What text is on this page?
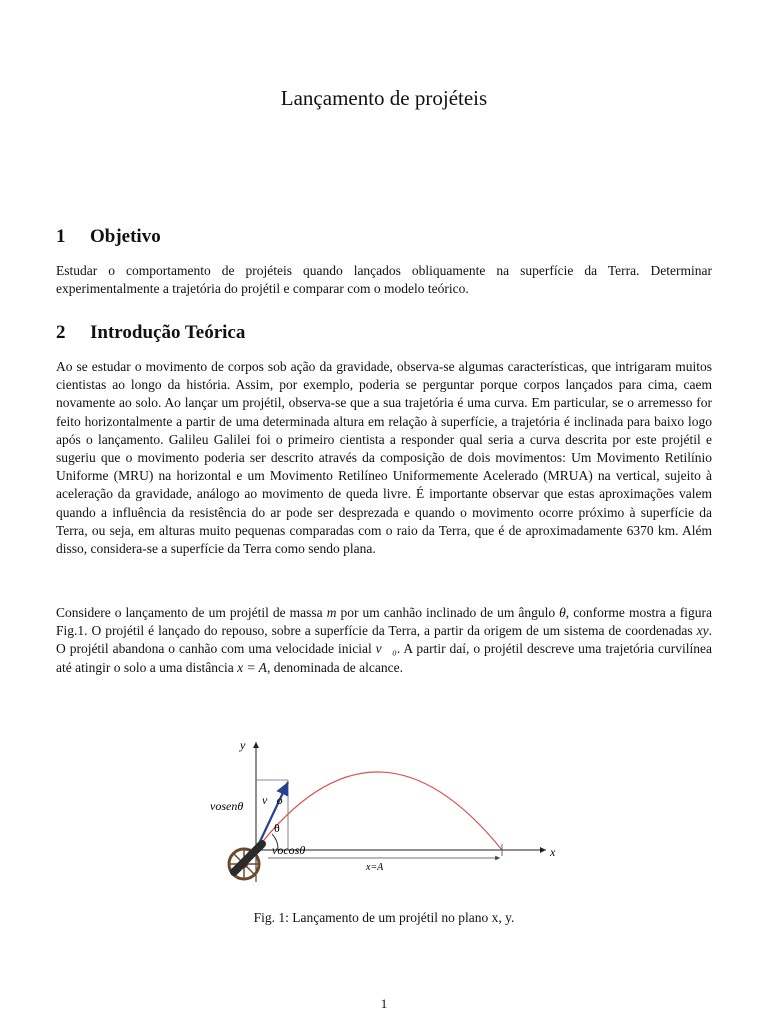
Lançamento de projéteis
1 Objetivo
Estudar o comportamento de projéteis quando lançados obliquamente na superfície da Terra. Determinar experimentalmente a trajetória do projétil e comparar com o modelo teórico.
2 Introdução Teórica
Ao se estudar o movimento de corpos sob ação da gravidade, observa-se algumas características, que intrigaram muitos cientistas ao longo da história. Assim, por exemplo, poderia se perguntar porque corpos lançados para cima, caem novamente ao solo. Ao lançar um projétil, observa-se que a sua trajetória é uma curva. Em particular, se o arremesso for feito horizontalmente a partir de uma determinada altura em relação à superfície, a trajetória é inclinada para baixo logo após o lançamento. Galileu Galilei foi o primeiro cientista a responder qual seria a curva descrita por este projétil e sugeriu que o movimento poderia ser descrito através da composição de dois movimentos: Um Movimento Retilínio Uniforme (MRU) na horizontal e um Movimento Retilíneo Uniformemente Acelerado (MRUA) na vertical, sujeito à aceleração da gravidade, análogo ao movimento de queda livre. É importante observar que estas aproximações valem quando a influência da resistência do ar pode ser desprezada e quando o movimento ocorre próximo à superfície da Terra, ou seja, em alturas muito pequenas comparadas com o raio da Terra, que é de aproximadamente 6370 km. Além disso, considera-se a superfície da Terra como sendo plana.
Considere o lançamento de um projétil de massa m por um canhão inclinado de um ângulo θ, conforme mostra a figura Fig.1. O projétil é lançado do repouso, sobre a superfície da Terra, a partir da origem de um sistema de coordenadas xy. O projétil abandona o canhão com uma velocidade inicial v⃗₀. A partir daí, o projétil descreve uma trajetória curvilínea até atingir o solo a uma distância x = A, denominada de alcance.
y
x
vosenθ v⃗o
θ
vocosθ
x=A
Fig. 1: Lançamento de um projétil no plano x, y.
1
